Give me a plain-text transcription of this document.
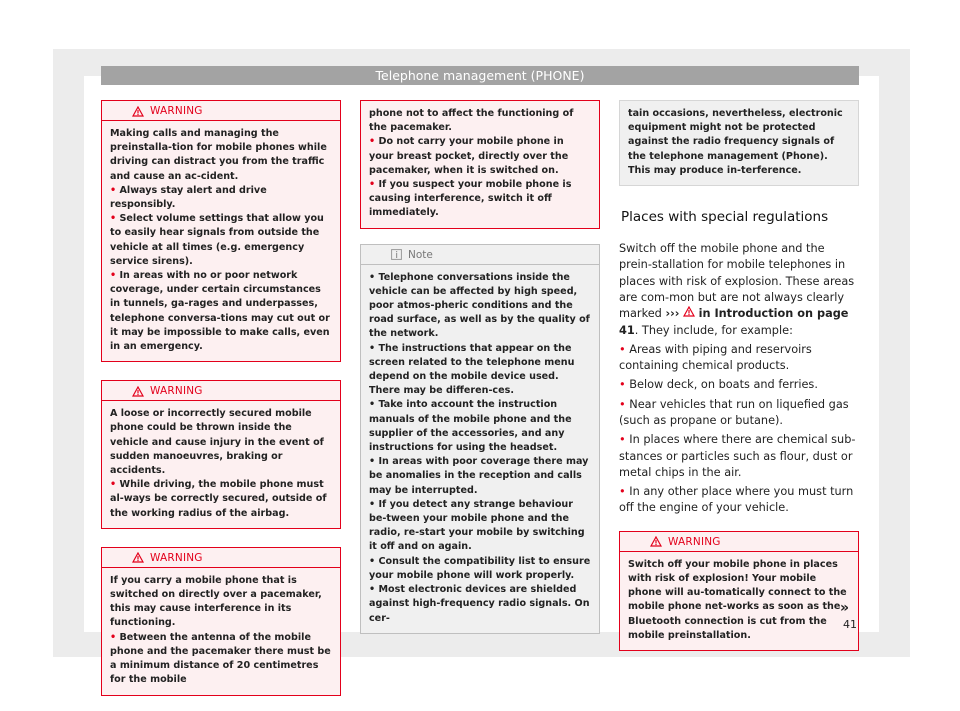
Telephone management (PHONE)
WARNING

Making calls and managing the preinstalla-tion for mobile phones while driving can distract you from the traffic and cause an ac-cident.

• Always stay alert and drive responsibly.

• Select volume settings that allow you to easily hear signals from outside the vehicle at all times (e.g. emergency service sirens).

• In areas with no or poor network coverage, under certain circumstances in tunnels, ga-rages and underpasses, telephone conversa-tions may cut out or it may be impossible to make calls, even in an emergency.

WARNING

A loose or incorrectly secured mobile phone could be thrown inside the vehicle and cause injury in the event of sudden manoeuvres, braking or accidents.

• While driving, the mobile phone must al-ways be correctly secured, outside of the working radius of the airbag.

WARNING

If you carry a mobile phone that is switched on directly over a pacemaker, this may cause interference in its functioning.

• Between the antenna of the mobile phone and the pacemaker there must be a minimum distance of 20 centimetres for the mobile

phone not to affect the functioning of the pacemaker.

• Do not carry your mobile phone in your breast pocket, directly over the pacemaker, when it is switched on.

• If you suspect your mobile phone is causing interference, switch it off immediately.

Note

• Telephone conversations inside the vehicle can be affected by high speed, poor atmos-pheric conditions and the road surface, as well as by the quality of the network.

• The instructions that appear on the screen related to the telephone menu depend on the mobile device used. There may be differen-ces.

• Take into account the instruction manuals of the mobile phone and the supplier of the accessories, and any instructions for using the headset.

• In areas with poor coverage there may be anomalies in the reception and calls may be interrupted.

• If you detect any strange behaviour be-tween your mobile phone and the radio, re-start your mobile by switching it off and on again.

• Consult the compatibility list to ensure your mobile phone will work properly.

• Most electronic devices are shielded against high-frequency radio signals. On cer-

tain occasions, nevertheless, electronic equipment might not be protected against the radio frequency signals of the telephone management (Phone). This may produce in-terference.

Places with special regulations

Switch off the mobile phone and the prein-stallation for mobile telephones in places with risk of explosion. These areas are com-mon but are not always clearly marked ››› in Introduction on page 41. They include, for example:

• Areas with piping and reservoirs containing chemical products.

• Below deck, on boats and ferries.

• Near vehicles that run on liquefied gas (such as propane or butane).

• In places where there are chemical sub-stances or particles such as flour, dust or metal chips in the air.

• In any other place where you must turn off the engine of your vehicle.

WARNING

Switch off your mobile phone in places with risk of explosion! Your mobile phone will au-tomatically connect to the mobile phone net-works as soon as the Bluetooth connection is cut from the mobile preinstallation.

»
41
